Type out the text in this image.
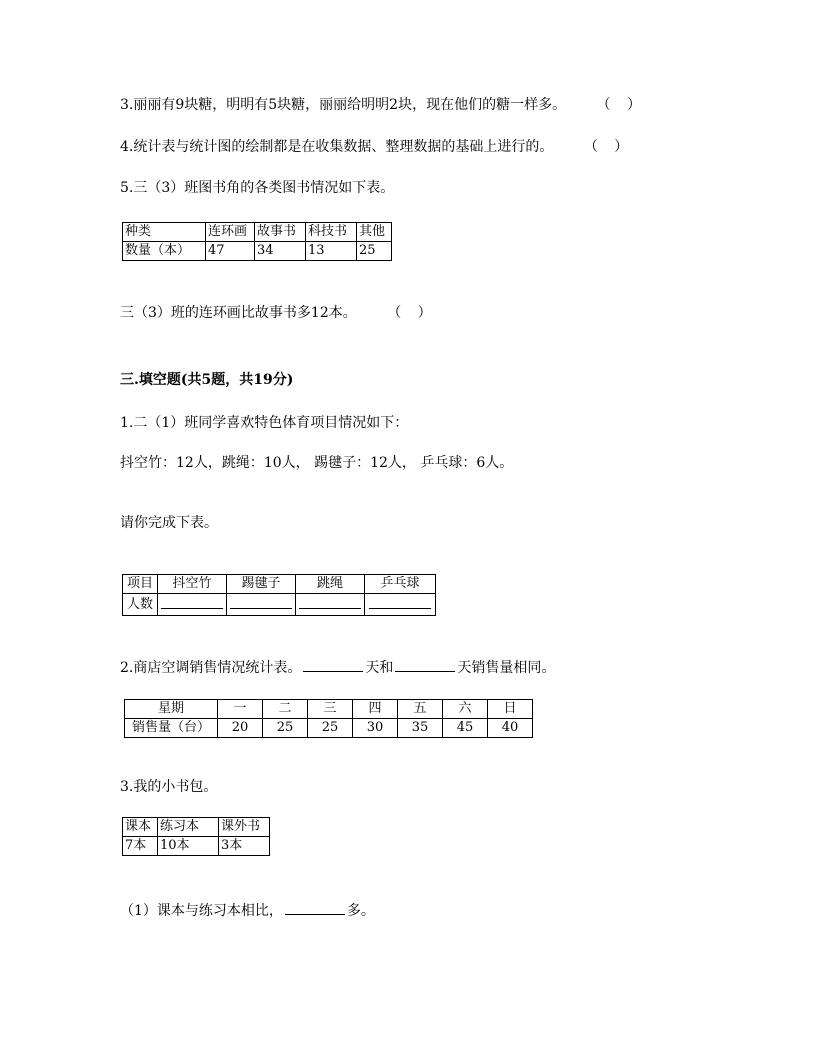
3.丽丽有9块糖，明明有5块糖，丽丽给明明2块，现在他们的糖一样多。 （ ）
4.统计表与统计图的绘制都是在收集数据、整理数据的基础上进行的。 （ ）
5.三（3）班图书角的各类图书情况如下表。
种类	连环画	故事书	科技书	其他
数量（本）	47	34	13	25
三（3）班的连环画比故事书多12本。 （ ）
三.填空题(共5题，共19分)
1.二（1）班同学喜欢特色体育项目情况如下：
抖空竹：12人，跳绳：10人， 踢毽子：12人， 乒乓球：6人。
请你完成下表。
项目	抖空竹	踢毽子	跳绳	乒乓球
人数				
2.商店空调销售情况统计表。	天和	天销售量相同。
星期	一	二	三	四	五	六	日
销售量（台）	20	25	25	30	35	45	40
3.我的小书包。
课本	练习本	课外书
7本	10本	3本
（1）课本与练习本相比，	多。
